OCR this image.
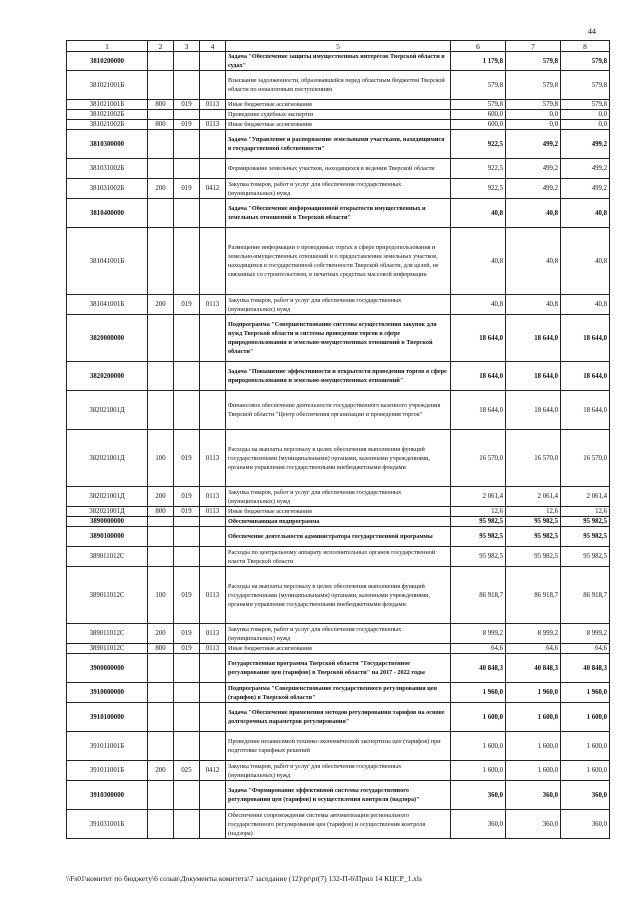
44
1	2	3	4	5	6	7	8
3810200000				Задача "Обеспечение защиты имущественных интересов Тверской области в судах"	1 179,8	579,8	579,8
381021001Б				Взыскание задолженности, образовавшейся перед областным бюджетом Тверской области по неналоговым поступлениям	579,8	579,8	579,8
381021001Б	800	019	0113	Иные бюджетные ассигнования	579,8	579,8	579,8
381021002Б				Проведение судебных экспертиз	600,0	0,0	0,0
381021002Б	800	019	0113	Иные бюджетные ассигнования	600,0	0,0	0,0
3810300000				Задача "Управление и распоряжение земельными участками, находящимися в государственной собственности"	922,5	499,2	499,2
381031002Б				Формирование земельных участков, находящихся в ведении Тверской области	922,5	499,2	499,2
381031002Б	200	019	0412	Закупка товаров, работ и услуг для обеспечения государственных (муниципальных) нужд	922,5	499,2	499,2
3810400000				Задача "Обеспечение информационной открытости имущественных и земельных отношений в Тверской области"	40,8	40,8	40,8
381041001Б				Размещение информации о проводимых торгах в сфере природопользования и земельно-имущественных отношений и о предоставлении земельных участков, находящихся в государственной собственности Тверской области, для целей, не связанных со строительством, в печатных средствах массовой информации	40,8	40,8	40,8
381041001Б	200	019	0113	Закупка товаров, работ и услуг для обеспечения государственных (муниципальных) нужд	40,8	40,8	40,8
3820000000				Подпрограмма "Совершенствование системы осуществления закупок для нужд Тверской области и системы проведения торгов в сфере природопользования и земельно-имущественных отношений в Тверской области"	18 644,0	18 644,0	18 644,0
3820200000				Задача "Повышение эффективности и открытости проведения торгов в сфере природопользования и земельно-имущественных отношений"	18 644,0	18 644,0	18 644,0
382021001Д				Финансовое обеспечение деятельности государственного казенного учреждения Тверской области "Центр обеспечения организации и проведения торгов"	18 644,0	18 644,0	18 644,0
382021001Д	100	019	0113	Расходы на выплаты персоналу в целях обеспечения выполнения функций государственными (муниципальными) органами, казенными учреждениями, органами управления государственными внебюджетными фондами	16 570,0	16 570,0	16 570,0
382021001Д	200	019	0113	Закупка товаров, работ и услуг для обеспечения государственных (муниципальных) нужд	2 061,4	2 061,4	2 061,4
382021001Д	800	019	0113	Иные бюджетные ассигнования	12,6	12,6	12,6
3890000000				Обеспечивающая подпрограмма	95 982,5	95 982,5	95 982,5
3890100000				Обеспечение деятельности администратора государственной программы	95 982,5	95 982,5	95 982,5
389011012С				Расходы по центральному аппарату исполнительных органов государственной власти Тверской области	95 982,5	95 982,5	95 982,5
389011012С	100	019	0113	Расходы на выплаты персоналу в целях обеспечения выполнения функций государственными (муниципальными) органами, казенными учреждениями, органами управления государственными внебюджетными фондами	86 918,7	86 918,7	86 918,7
389011012С	200	019	0113	Закупка товаров, работ и услуг для обеспечения государственных (муниципальных) нужд	8 999,2	8 999,2	8 999,2
389011012С	800	019	0113	Иные бюджетные ассигнования	64,6	64,6	64,6
3900000000				Государственная программа Тверской области "Государственное регулирование цен (тарифов) в Тверской области" на 2017 - 2022 годы	40 848,3	40 848,3	40 848,3
3910000000				Подпрограмма "Совершенствование государственного регулирования цен (тарифов) в Тверской области"	1 960,0	1 960,0	1 960,0
3910100000				Задача "Обеспечение применения методов регулирования тарифов на основе долгосрочных параметров регулирования"	1 600,0	1 600,0	1 600,0
391011001Б				Проведение независимой технико-экономической экспертизы цен (тарифов) при подготовке тарифных решений	1 600,0	1 600,0	1 600,0
391011001Б	200	025	0412	Закупка товаров, работ и услуг для обеспечения государственных (муниципальных) нужд	1 600,0	1 600,0	1 600,0
3910300000				Задача "Формирование эффективной системы государственного регулирования цен (тарифов) и осуществления контроля (надзора)"	360,0	360,0	360,0
391031001Б				Обеспечение сопровождения системы автоматизации регионального государственного регулирования цен (тарифов) и осуществления контроля (надзора)	360,0	360,0	360,0
\\Fs01\комитет по бюджету\6 созыв\Документы комитета\7 заседание (12)\pr\pr(7) 132-П-6\Прил 14 КЦСР_1.xls
